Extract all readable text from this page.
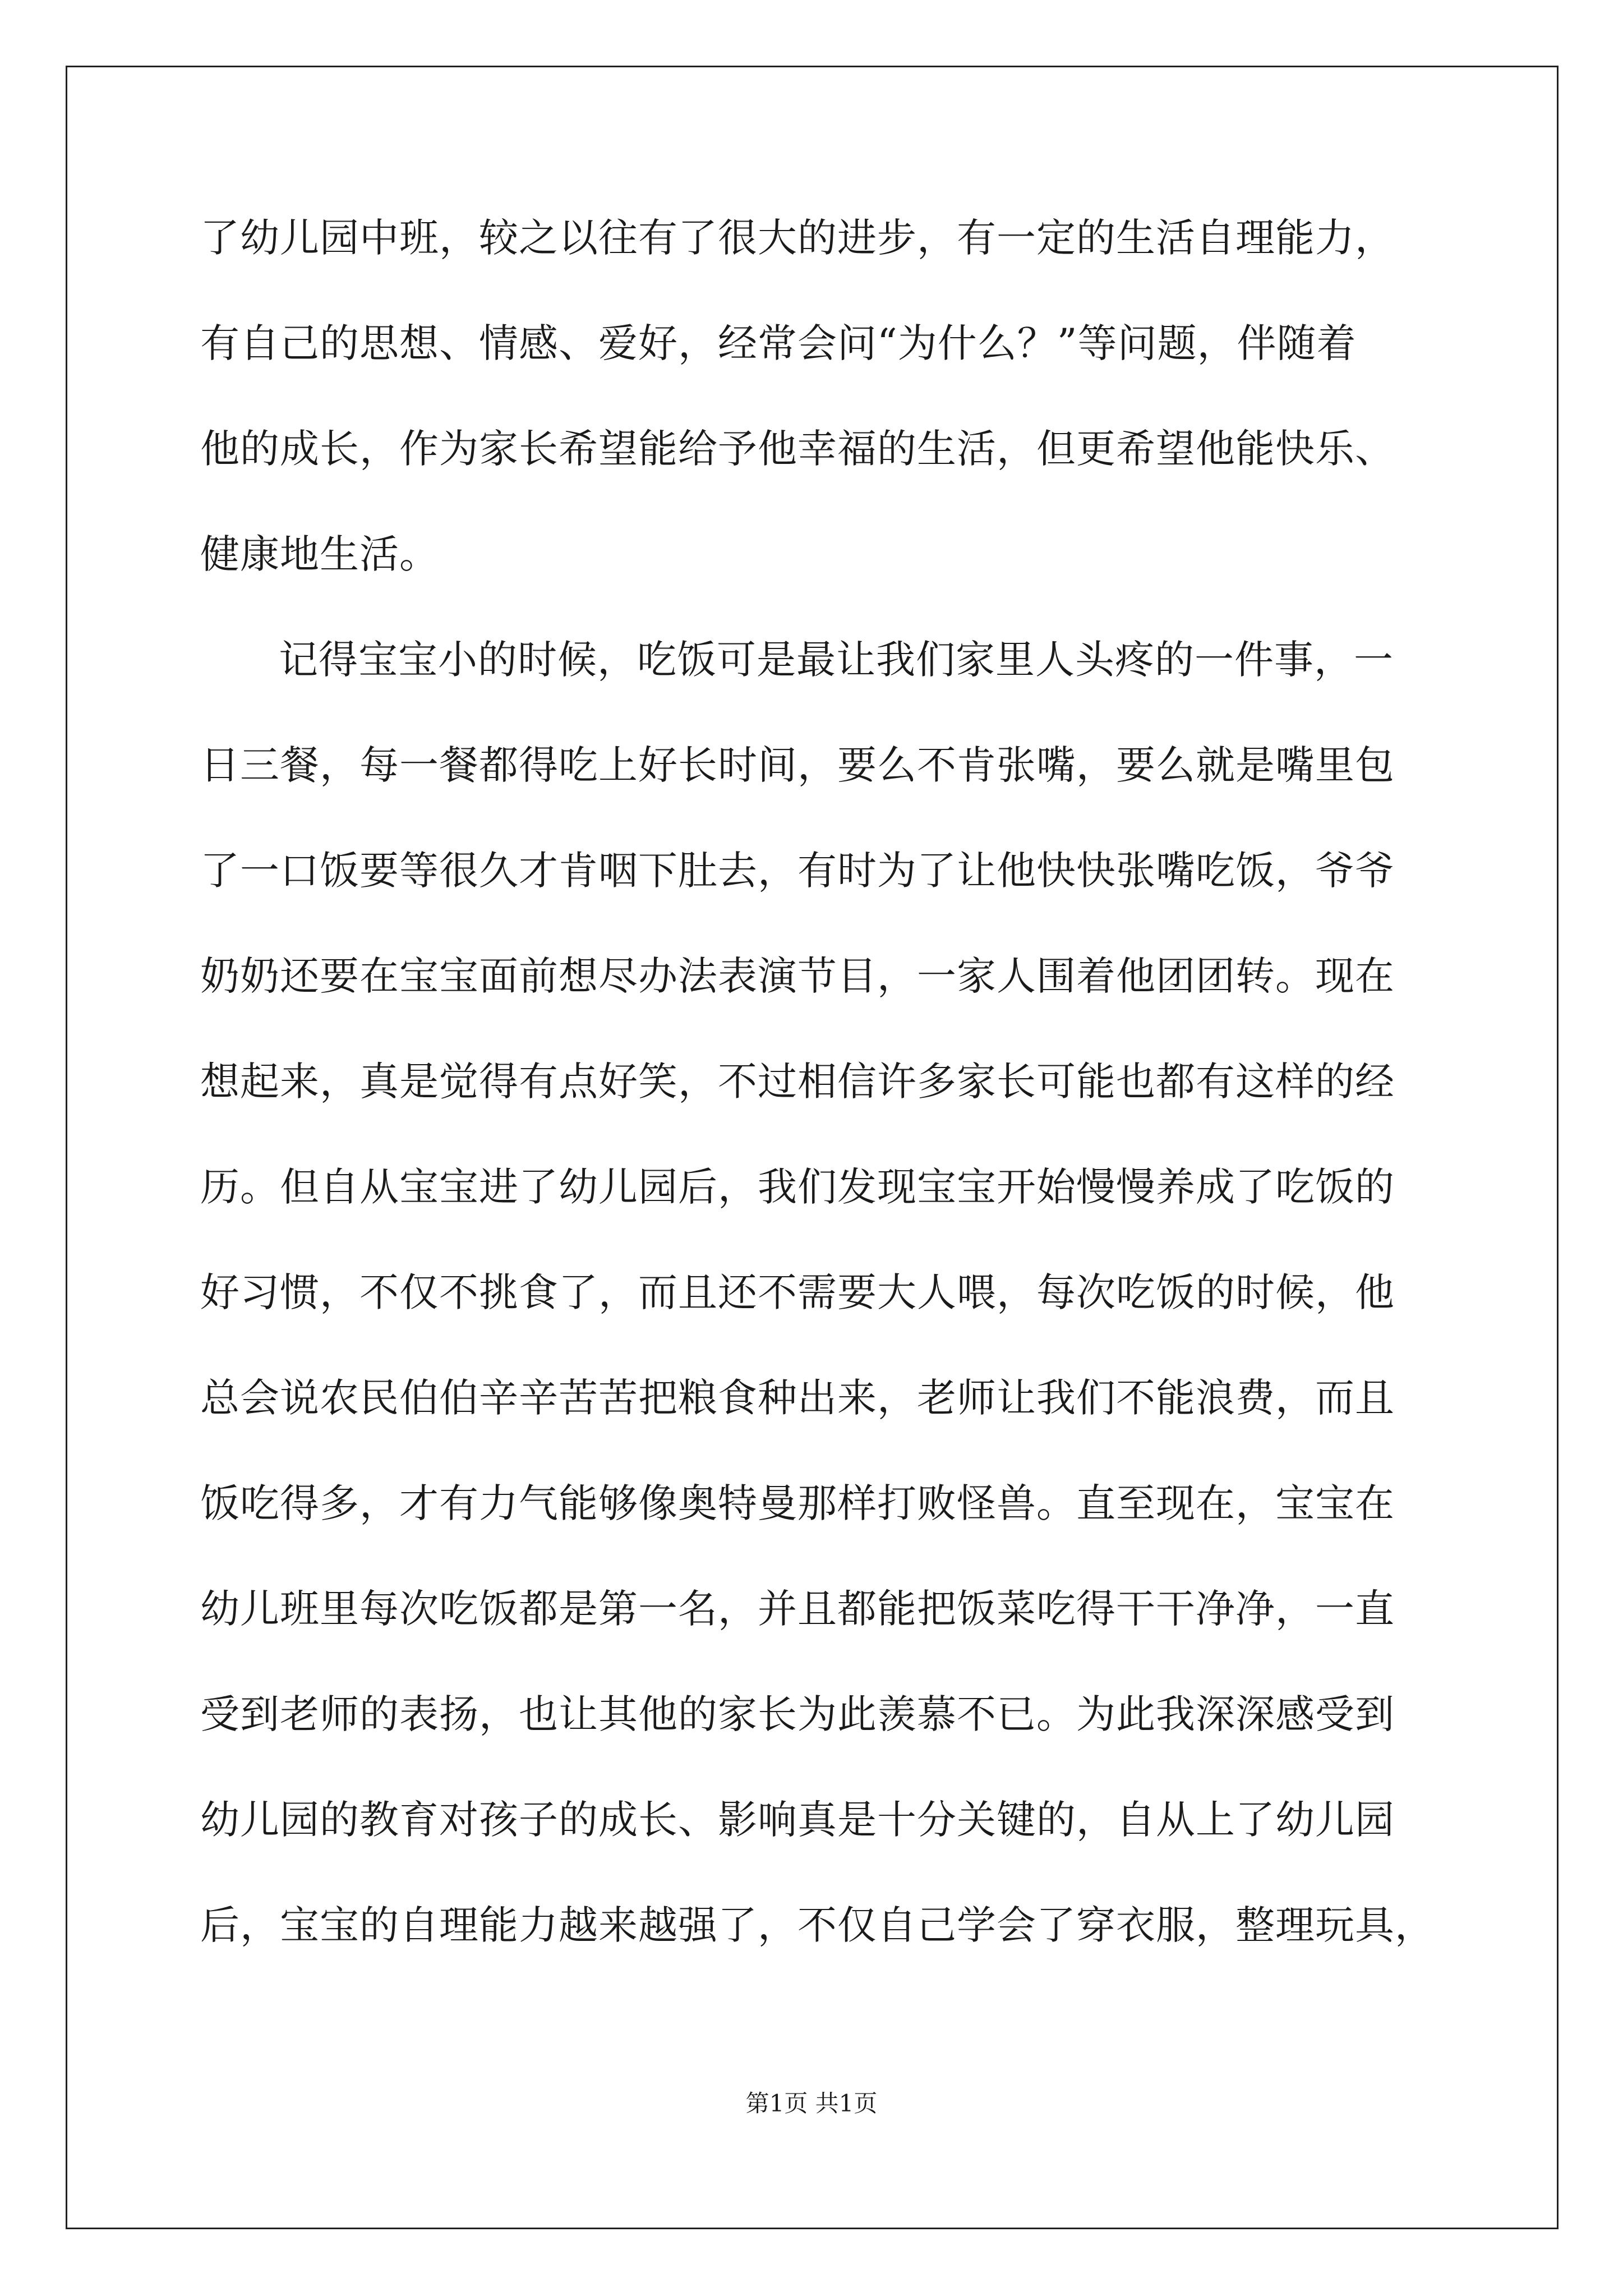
了幼儿园中班，较之以往有了很大的进步，有一定的生活自理能力，
有自己的思想、情感、爱好，经常会问“为什么？”等问题，伴随着
他的成长，作为家长希望能给予他幸福的生活，但更希望他能快乐、
健康地生活。
记得宝宝小的时候，吃饭可是最让我们家里人头疼的一件事，一
日三餐，每一餐都得吃上好长时间，要么不肯张嘴，要么就是嘴里包
了一口饭要等很久才肯咽下肚去，有时为了让他快快张嘴吃饭，爷爷
奶奶还要在宝宝面前想尽办法表演节目，一家人围着他团团转。现在
想起来，真是觉得有点好笑，不过相信许多家长可能也都有这样的经
历。但自从宝宝进了幼儿园后，我们发现宝宝开始慢慢养成了吃饭的
好习惯，不仅不挑食了，而且还不需要大人喂，每次吃饭的时候，他
总会说农民伯伯辛辛苦苦把粮食种出来，老师让我们不能浪费，而且
饭吃得多，才有力气能够像奥特曼那样打败怪兽。直至现在，宝宝在
幼儿班里每次吃饭都是第一名，并且都能把饭菜吃得干干净净，一直
受到老师的表扬，也让其他的家长为此羡慕不已。为此我深深感受到
幼儿园的教育对孩子的成长、影响真是十分关键的，自从上了幼儿园
后，宝宝的自理能力越来越强了，不仅自己学会了穿衣服，整理玩具，
第1页 共1页
